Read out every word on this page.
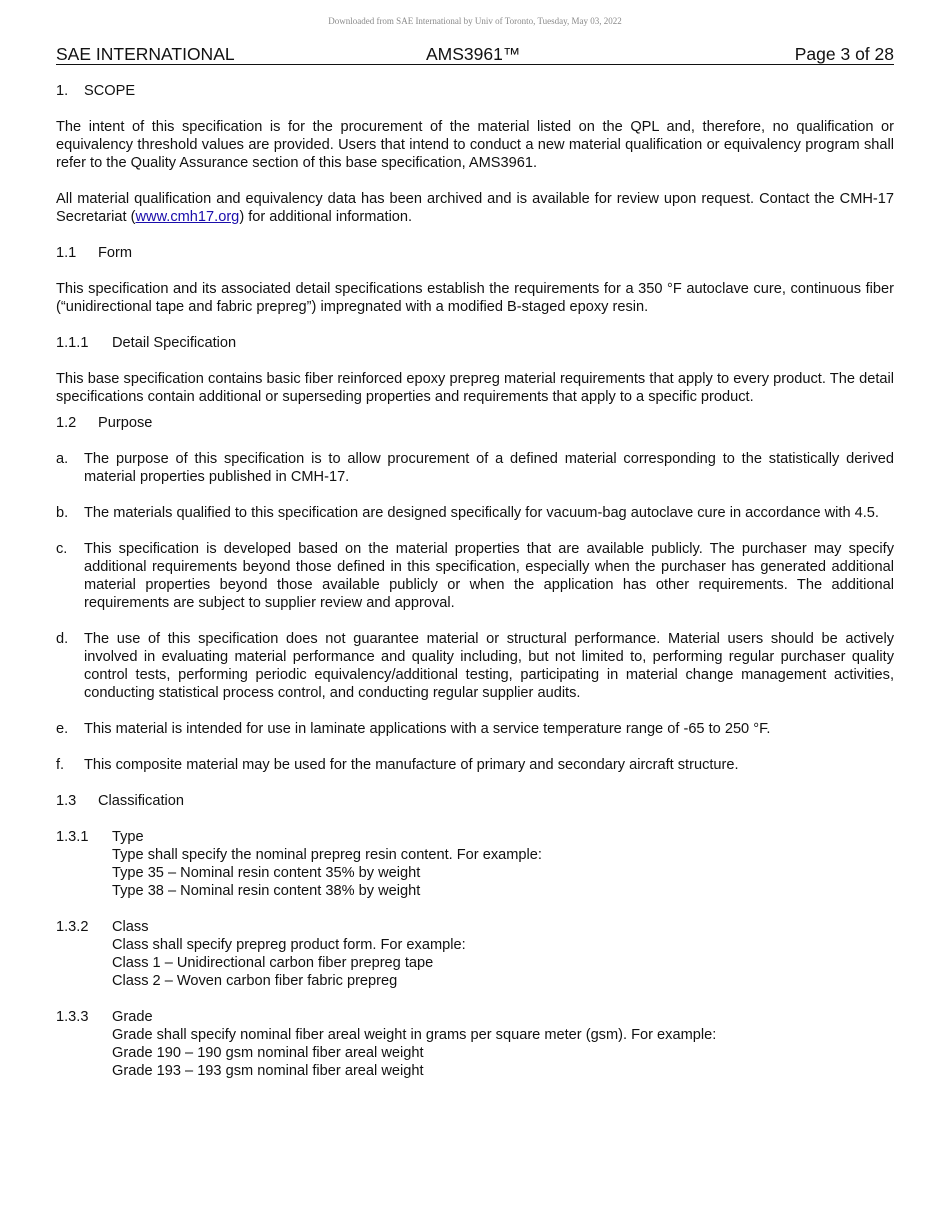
Downloaded from SAE International by Univ of Toronto, Tuesday, May 03, 2022
SAE INTERNATIONAL	AMS3961™	Page 3 of 28
1.	SCOPE

The intent of this specification is for the procurement of the material listed on the QPL and, therefore, no qualification or equivalency threshold values are provided. Users that intend to conduct a new material qualification or equivalency program shall refer to the Quality Assurance section of this base specification, AMS3961.

All material qualification and equivalency data has been archived and is available for review upon request. Contact the CMH-17 Secretariat (www.cmh17.org) for additional information.

1.1	Form

This specification and its associated detail specifications establish the requirements for a 350 °F autoclave cure, continuous fiber (“unidirectional tape and fabric prepreg”) impregnated with a modified B-staged epoxy resin.

1.1.1	Detail Specification

This base specification contains basic fiber reinforced epoxy prepreg material requirements that apply to every product. The detail specifications contain additional or superseding properties and requirements that apply to a specific product.

1.2	Purpose
a.	The purpose of this specification is to allow procurement of a defined material corresponding to the statistically derived material properties published in CMH-17.
b.	The materials qualified to this specification are designed specifically for vacuum-bag autoclave cure in accordance with 4.5.
c.	This specification is developed based on the material properties that are available publicly. The purchaser may specify additional requirements beyond those defined in this specification, especially when the purchaser has generated additional material properties beyond those available publicly or when the application has other requirements. The additional requirements are subject to supplier review and approval.
d.	The use of this specification does not guarantee material or structural performance. Material users should be actively involved in evaluating material performance and quality including, but not limited to, performing regular purchaser quality control tests, performing periodic equivalency/additional testing, participating in material change management activities, conducting statistical process control, and conducting regular supplier audits.
e.	This material is intended for use in laminate applications with a service temperature range of -65 to 250 °F.
f.	This composite material may be used for the manufacture of primary and secondary aircraft structure.
1.3	Classification
1.3.1	Type
Type shall specify the nominal prepreg resin content. For example:
Type 35 – Nominal resin content 35% by weight
Type 38 – Nominal resin content 38% by weight
1.3.2	Class
Class shall specify prepreg product form. For example:
Class 1 – Unidirectional carbon fiber prepreg tape
Class 2 – Woven carbon fiber fabric prepreg
1.3.3	Grade
Grade shall specify nominal fiber areal weight in grams per square meter (gsm). For example:
Grade 190 – 190 gsm nominal fiber areal weight
Grade 193 – 193 gsm nominal fiber areal weight
